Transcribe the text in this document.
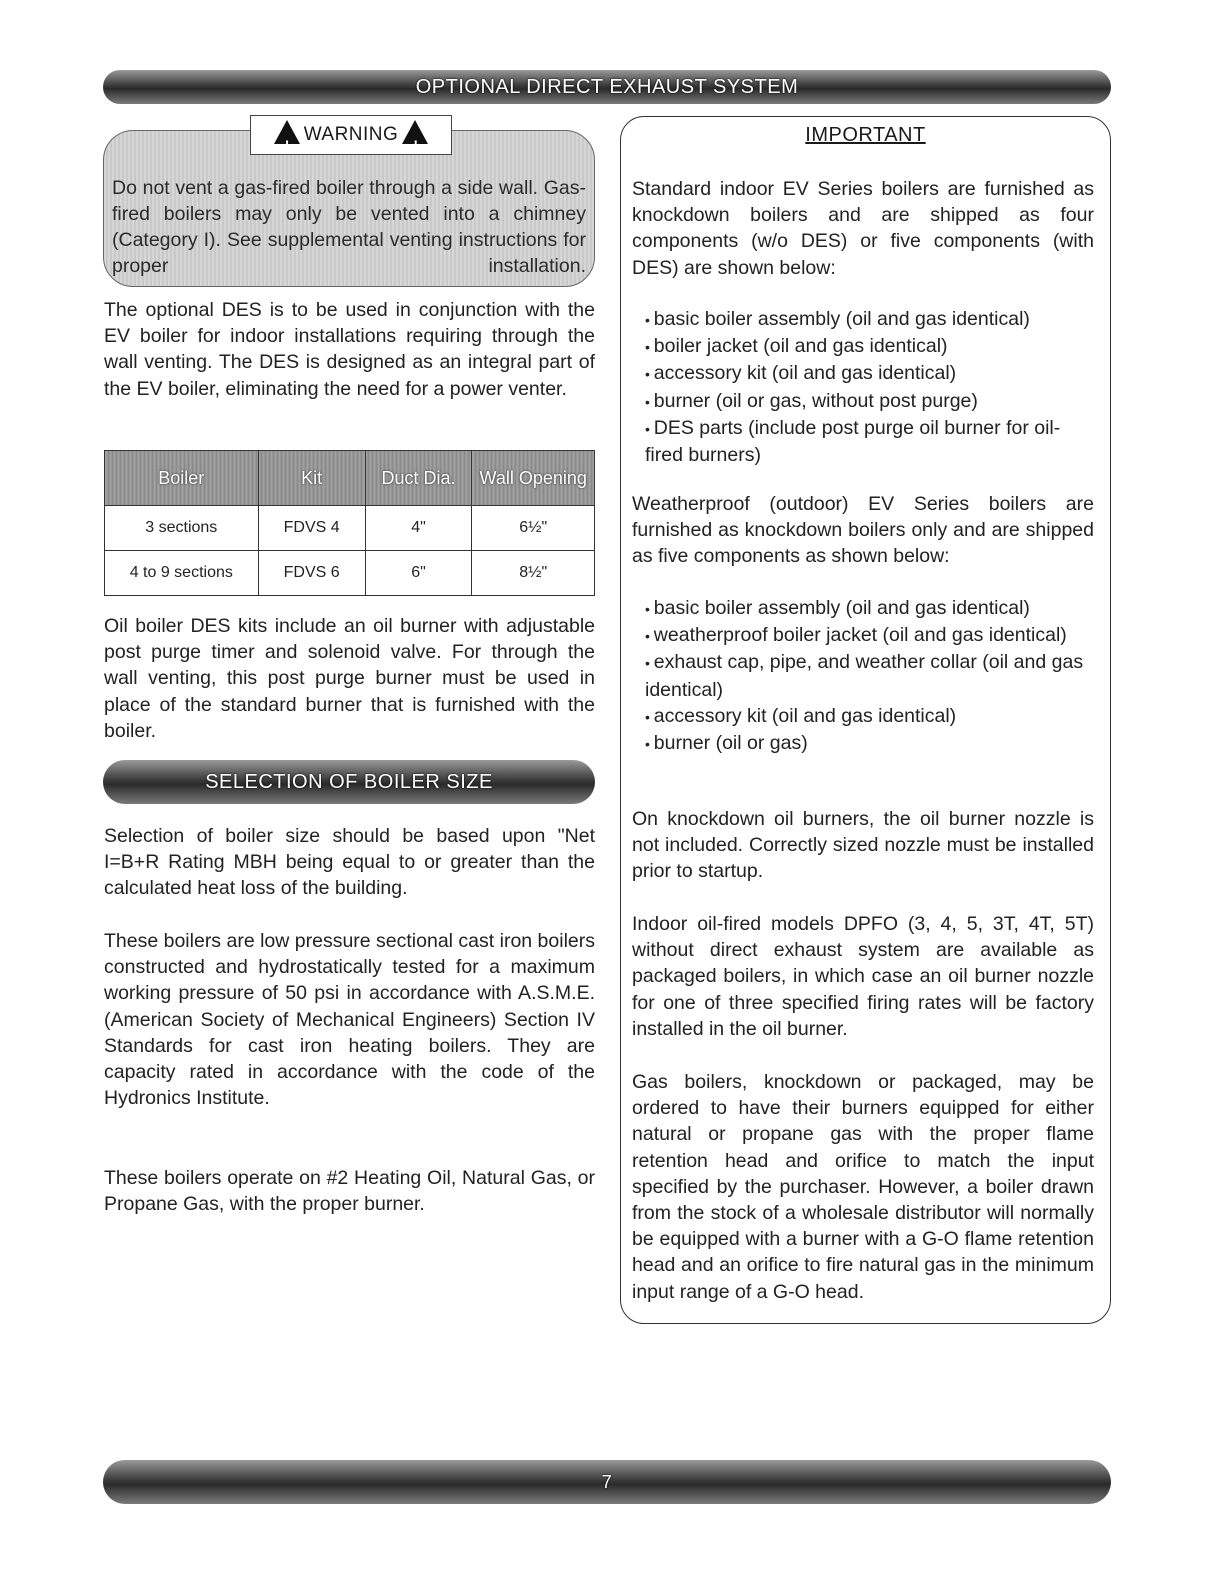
OPTIONAL DIRECT EXHAUST SYSTEM
! WARNING !
Do not vent a gas-fired boiler through a side wall. Gas-fired boilers may only be vented into a chimney (Category I). See supplemental venting instructions for proper installation.
The optional DES is to be used in conjunction with the EV boiler for indoor installations requiring through the wall venting. The DES is designed as an integral part of the EV boiler, eliminating the need for a power venter.
Boiler	Kit	Duct Dia.	Wall Opening
3 sections	FDVS 4	4"	6½"
4 to 9 sections	FDVS 6	6"	8½"
Oil boiler DES kits include an oil burner with adjustable post purge timer and solenoid valve. For through the wall venting, this post purge burner must be used in place of the standard burner that is furnished with the boiler.
SELECTION OF BOILER SIZE
Selection of boiler size should be based upon "Net I=B+R Rating MBH being equal to or greater than the calculated heat loss of the building.
These boilers are low pressure sectional cast iron boilers constructed and hydrostatically tested for a maximum working pressure of 50 psi in accordance with A.S.M.E. (American Society of Mechanical Engineers) Section IV Standards for cast iron heating boilers. They are capacity rated in accordance with the code of the Hydronics Institute.
These boilers operate on #2 Heating Oil, Natural Gas, or Propane Gas, with the proper burner.
IMPORTANT
Standard indoor EV Series boilers are furnished as knockdown boilers and are shipped as four components (w/o DES) or five components (with DES) are shown below:
• basic boiler assembly (oil and gas identical)
• boiler jacket (oil and gas identical)
• accessory kit (oil and gas identical)
• burner (oil or gas, without post purge)
• DES parts (include post purge oil burner for oil-fired burners)
Weatherproof (outdoor) EV Series boilers are furnished as knockdown boilers only and are shipped as five components as shown below:
• basic boiler assembly (oil and gas identical)
• weatherproof boiler jacket (oil and gas identical)
• exhaust cap, pipe, and weather collar (oil and gas identical)
• accessory kit (oil and gas identical)
• burner (oil or gas)
On knockdown oil burners, the oil burner nozzle is not included. Correctly sized nozzle must be installed prior to startup.
Indoor oil-fired models DPFO (3, 4, 5, 3T, 4T, 5T) without direct exhaust system are available as packaged boilers, in which case an oil burner nozzle for one of three specified firing rates will be factory installed in the oil burner.
Gas boilers, knockdown or packaged, may be ordered to have their burners equipped for either natural or propane gas with the proper flame retention head and orifice to match the input specified by the purchaser. However, a boiler drawn from the stock of a wholesale distributor will normally be equipped with a burner with a G-O flame retention head and an orifice to fire natural gas in the minimum input range of a G-O head.
7
